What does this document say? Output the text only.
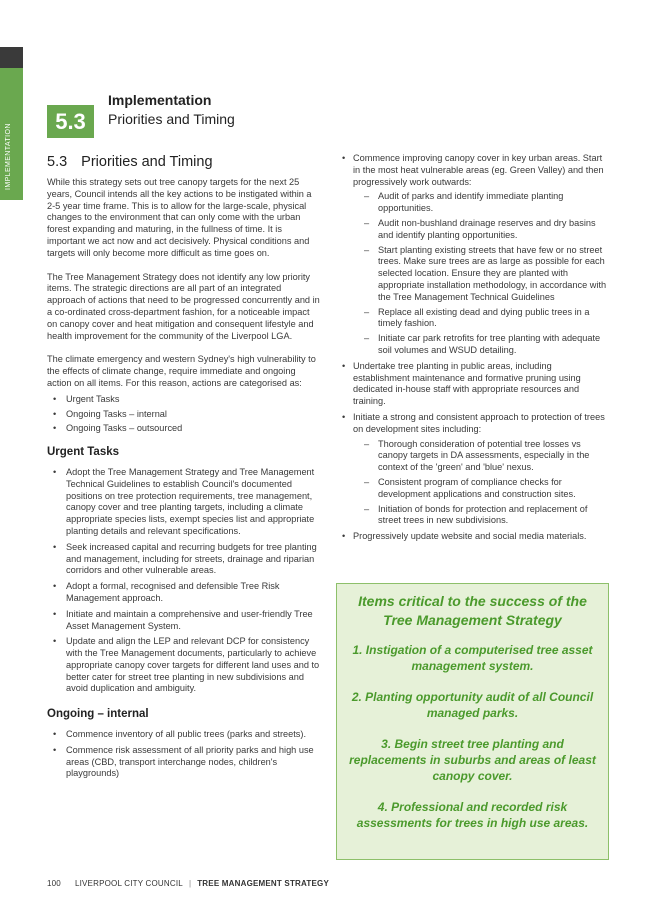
IMPLEMENTATION
5.3
Implementation
Priorities and Timing
5.3 Priorities and Timing

While this strategy sets out tree canopy targets for the next 25 years, Council intends all the key actions to be instigated within a 2-5 year time frame. This is to allow for the large-scale, physical changes to the environment that can only come with the urban forest expanding and maturing, in the fullness of time. It is important we act now and act decisively. Physical conditions and targets will only become more difficult as time goes on.

The Tree Management Strategy does not identify any low priority items. The strategic directions are all part of an integrated approach of actions that need to be progressed concurrently and in a co-ordinated cross-department fashion, for a noticeable impact on canopy cover and heat mitigation and consequent lifestyle and health improvement for the community of the Liverpool LGA.

The climate emergency and western Sydney's high vulnerability to the effects of climate change, require immediate and ongoing action on all items. For this reason, actions are categorised as:

• Urgent Tasks
• Ongoing Tasks – internal
• Ongoing Tasks – outsourced
Urgent Tasks
• Adopt the Tree Management Strategy and Tree Management Technical Guidelines to establish Council's documented positions on tree protection requirements, tree management, canopy cover and tree planting targets, including a climate appropriate species lists, exempt species list and appropriate planting details and relevant specifications.
• Seek increased capital and recurring budgets for tree planting and management, including for streets, drainage and riparian corridors and other vulnerable areas.
• Adopt a formal, recognised and defensible Tree Risk Management approach.
• Initiate and maintain a comprehensive and user-friendly Tree Asset Management System.
• Update and align the LEP and relevant DCP for consistency with the Tree Management documents, particularly to achieve appropriate canopy cover targets for different land uses and to better cater for street tree planting in new subdivisions and avoid duplication and ambiguity.
Ongoing – internal
• Commence inventory of all public trees (parks and streets).
• Commence risk assessment of all priority parks and high use areas (CBD, transport interchange nodes, children's playgrounds)
• Commence improving canopy cover in key urban areas. Start in the most heat vulnerable areas (eg. Green Valley) and then progressively work outwards:
– Audit of parks and identify immediate planting opportunities.
– Audit non-bushland drainage reserves and dry basins and identify planting opportunities.
– Start planting existing streets that have few or no street trees. Make sure trees are as large as possible for each selected location. Ensure they are planted with appropriate installation methodology, in accordance with the Tree Management Technical Guidelines
– Replace all existing dead and dying public trees in a timely fashion.
– Initiate car park retrofits for tree planting with adequate soil volumes and WSUD detailing.
• Undertake tree planting in public areas, including establishment maintenance and formative pruning using dedicated in-house staff with appropriate resources and training.
• Initiate a strong and consistent approach to protection of trees on development sites including:
– Thorough consideration of potential tree losses vs canopy targets in DA assessments, especially in the context of the 'green' and 'blue' nexus.
– Consistent program of compliance checks for development applications and construction sites.
– Initiation of bonds for protection and replacement of street trees in new subdivisions.
• Progressively update website and social media materials.
Items critical to the success of the Tree Management Strategy
1. Instigation of a computerised tree asset management system.
2. Planting opportunity audit of all Council managed parks.
3. Begin street tree planting and replacements in suburbs and areas of least canopy cover.
4. Professional and recorded risk assessments for trees in high use areas.
100 LIVERPOOL CITY COUNCIL | TREE MANAGEMENT STRATEGY
